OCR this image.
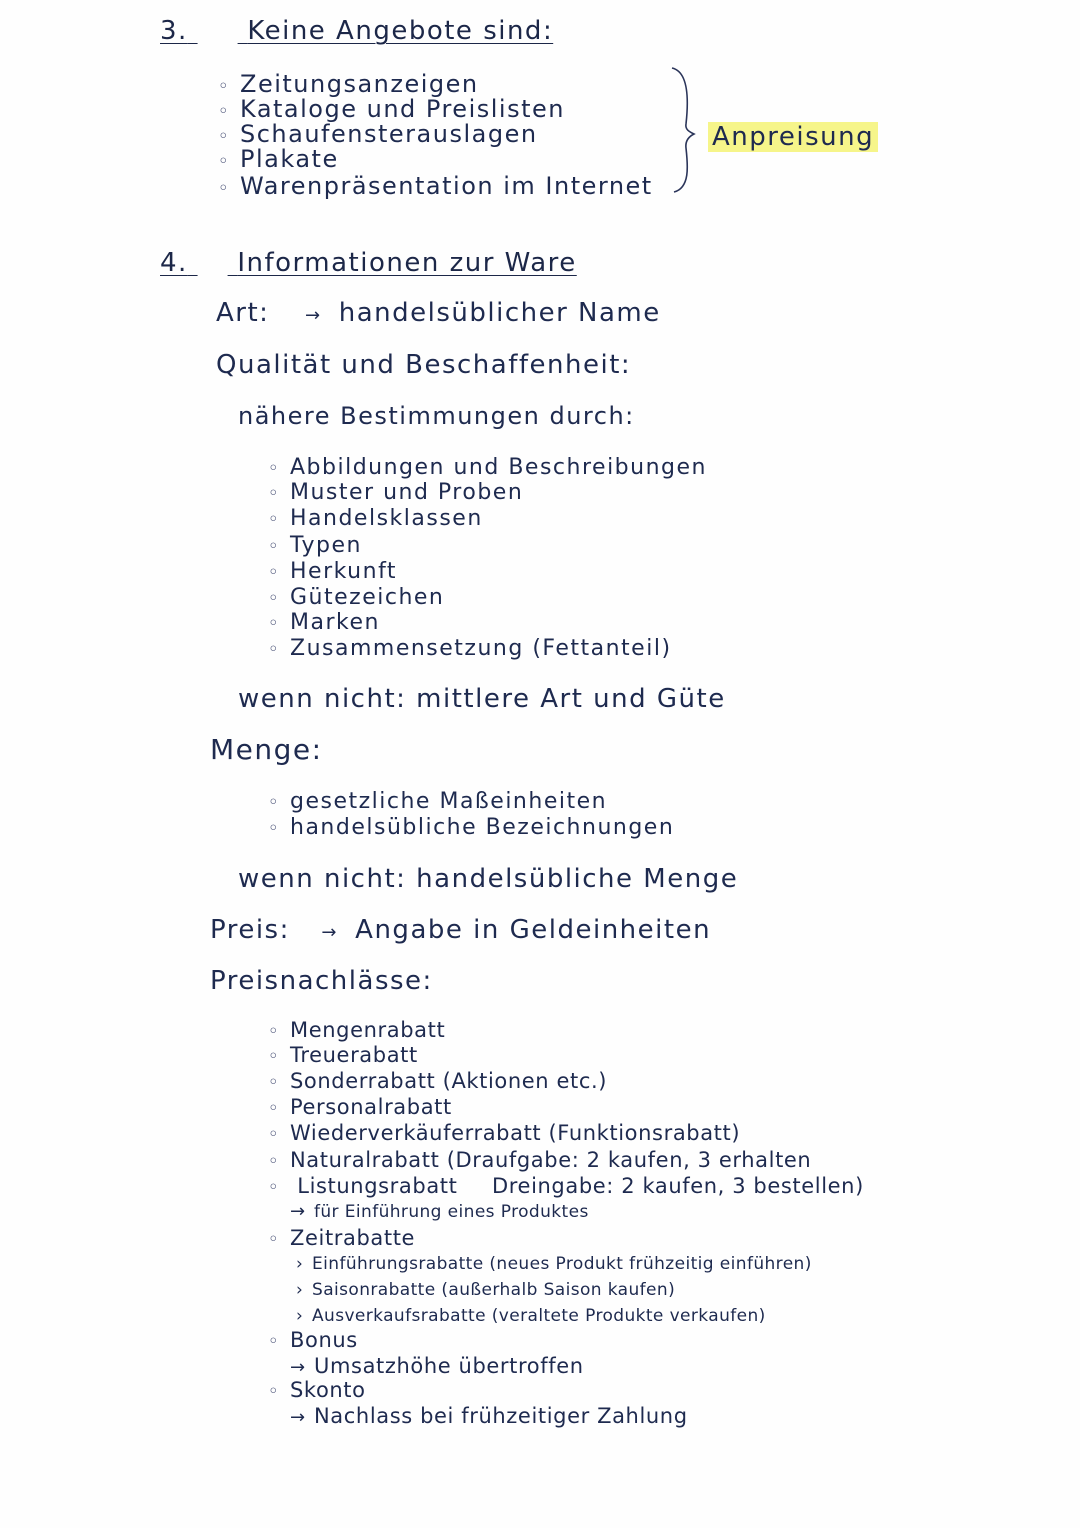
3. Keine Angebote sind:
◦ Zeitungsanzeigen
◦ Kataloge und Preislisten
◦ Schaufensterauslagen
◦ Plakate
◦ Warenpräsentation im Internet
Anpreisung
4. Informationen zur Ware
Art: →	handelsüblicher Name
Qualität und Beschaffenheit:
nähere Bestimmungen durch:
◦ Abbildungen und Beschreibungen
◦ Muster und Proben
◦ Handelsklassen
◦ Typen
◦ Herkunft
◦ Gütezeichen
◦ Marken
◦ Zusammensetzung (Fettanteil)
wenn nicht: mittlere Art und Güte
Menge:
◦ gesetzliche Maßeinheiten
◦ handelsübliche Bezeichnungen
wenn nicht: handelsübliche Menge
Preis: →	Angabe in Geldeinheiten
Preisnachlässe:
◦ Mengenrabatt
◦ Treuerabatt
◦ Sonderrabatt (Aktionen etc.)
◦ Personalrabatt
◦ Wiederverkäuferrabatt (Funktionsrabatt)
◦ Naturalrabatt (Draufgabe: 2 kaufen, 3 erhalten
◦ Listungsrabatt Dreingabe: 2 kaufen, 3 bestellen)
→ für Einführung eines Produktes
◦ Zeitrabatte
› Einführungsrabatte (neues Produkt frühzeitig einführen)
› Saisonrabatte (außerhalb Saison kaufen)
› Ausverkaufsrabatte (veraltete Produkte verkaufen)
◦ Bonus
→ Umsatzhöhe übertroffen
◦ Skonto
→ Nachlass bei frühzeitiger Zahlung
